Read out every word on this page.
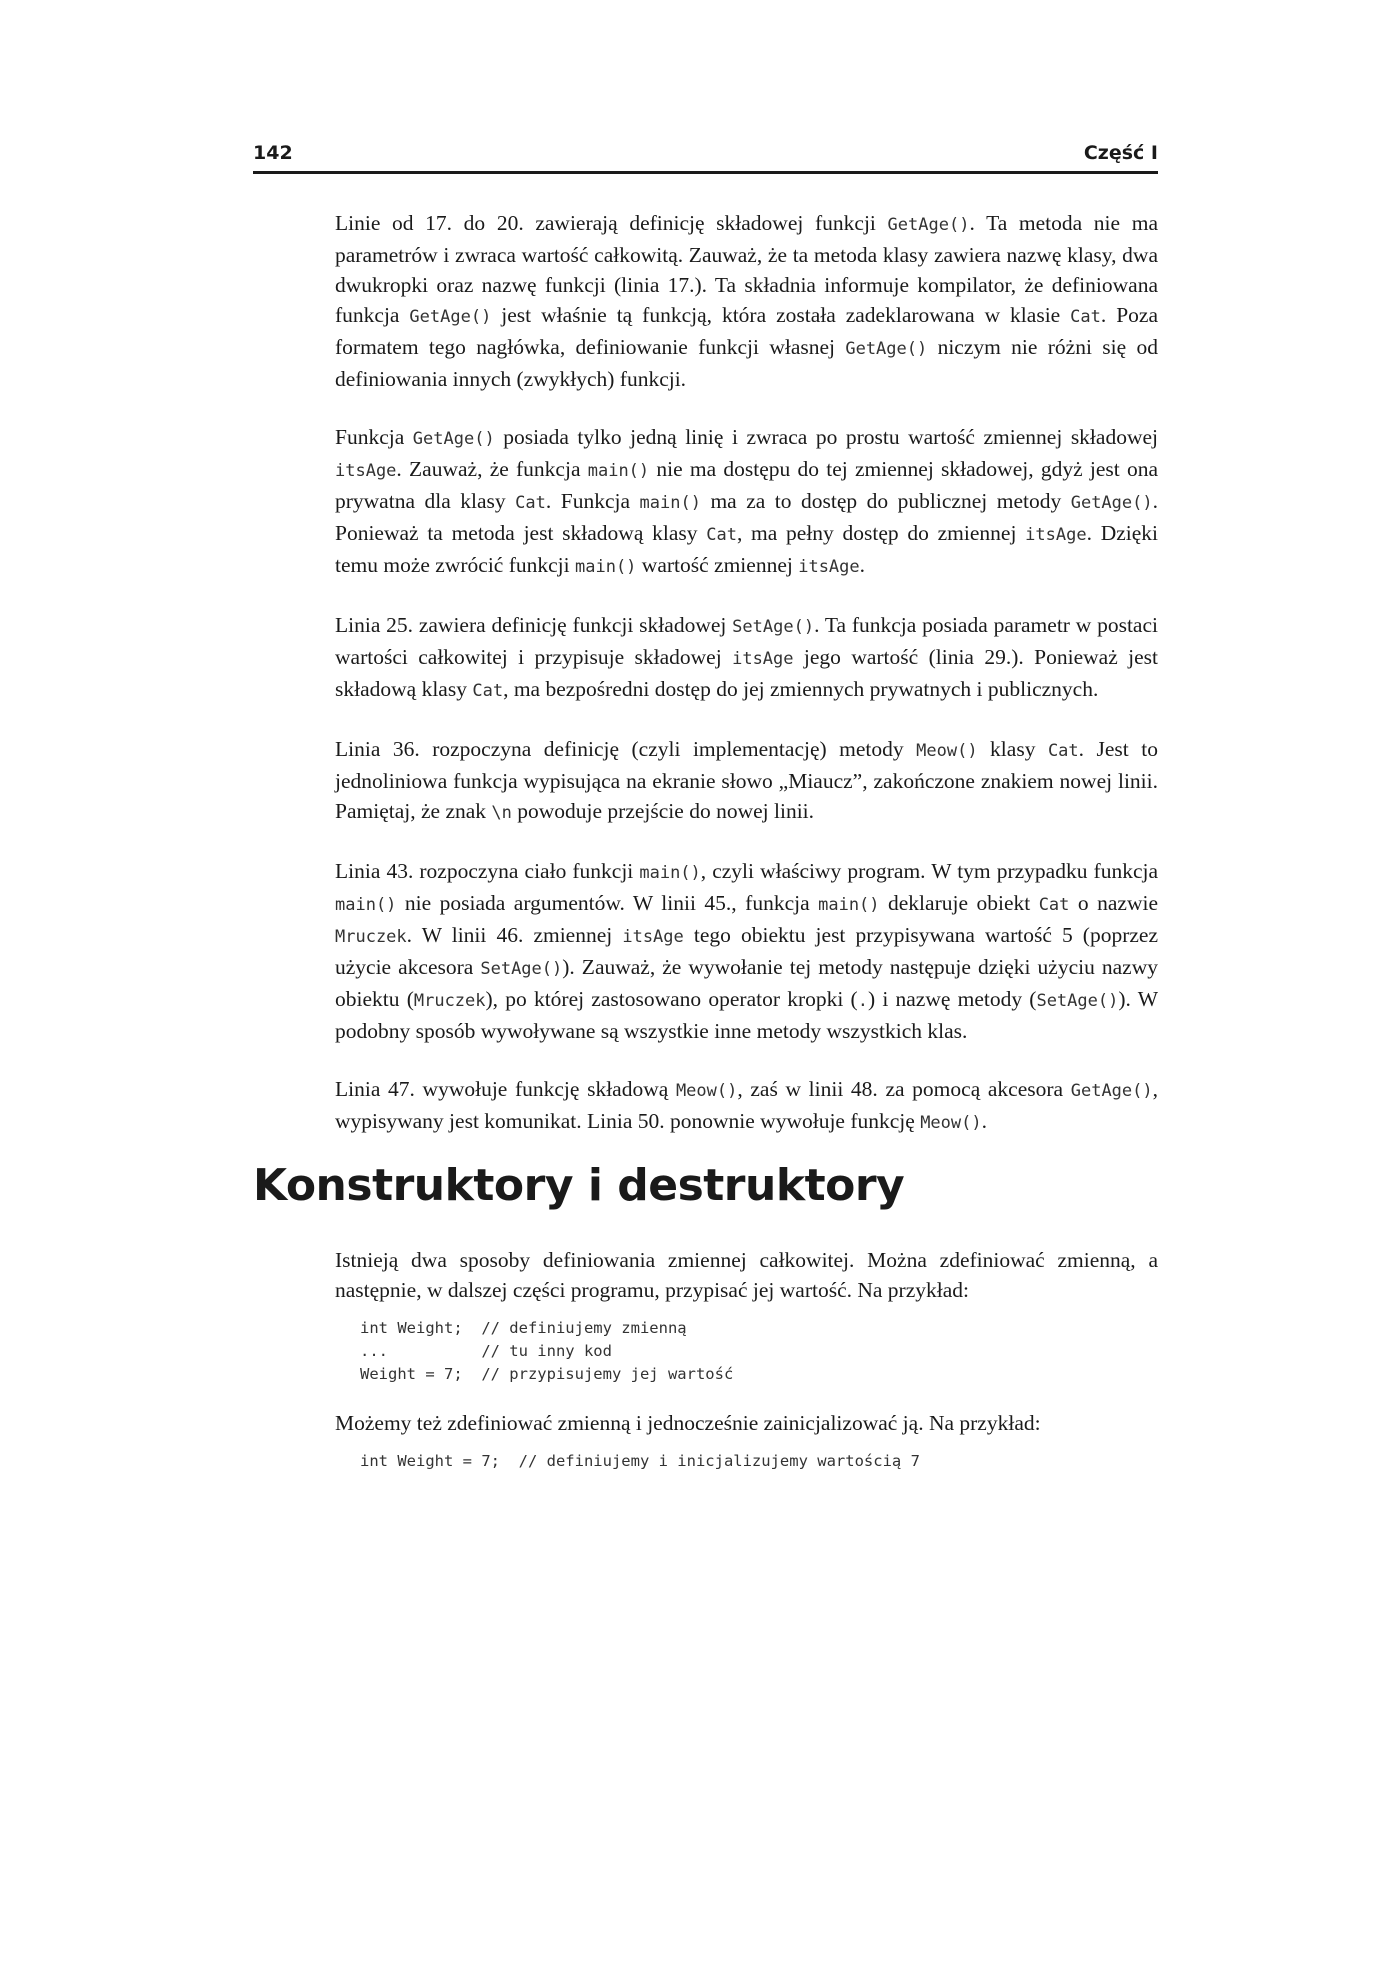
142	Część I

Linie od 17. do 20. zawierają definicję składowej funkcji GetAge(). Ta metoda nie ma parametrów i zwraca wartość całkowitą. Zauważ, że ta metoda klasy zawiera nazwę klasy, dwa dwukropki oraz nazwę funkcji (linia 17.). Ta składnia informuje kompilator, że definiowana funkcja GetAge() jest właśnie tą funkcją, która została zadeklarowana w klasie Cat. Poza formatem tego nagłówka, definiowanie funkcji własnej GetAge() niczym nie różni się od definiowania innych (zwykłych) funkcji.

Funkcja GetAge() posiada tylko jedną linię i zwraca po prostu wartość zmiennej składowej itsAge. Zauważ, że funkcja main() nie ma dostępu do tej zmiennej składowej, gdyż jest ona prywatna dla klasy Cat. Funkcja main() ma za to dostęp do publicznej metody GetAge(). Ponieważ ta metoda jest składową klasy Cat, ma pełny dostęp do zmiennej itsAge. Dzięki temu może zwrócić funkcji main() wartość zmiennej itsAge.

Linia 25. zawiera definicję funkcji składowej SetAge(). Ta funkcja posiada parametr w postaci wartości całkowitej i przypisuje składowej itsAge jego wartość (linia 29.). Ponieważ jest składową klasy Cat, ma bezpośredni dostęp do jej zmiennych prywatnych i publicznych.

Linia 36. rozpoczyna definicję (czyli implementację) metody Meow() klasy Cat. Jest to jednoliniowa funkcja wypisująca na ekranie słowo „Miaucz”, zakończone znakiem nowej linii. Pamiętaj, że znak \n powoduje przejście do nowej linii.

Linia 43. rozpoczyna ciało funkcji main(), czyli właściwy program. W tym przypadku funkcja main() nie posiada argumentów. W linii 45., funkcja main() deklaruje obiekt Cat o nazwie Mruczek. W linii 46. zmiennej itsAge tego obiektu jest przypisywana wartość 5 (poprzez użycie akcesora SetAge()). Zauważ, że wywołanie tej metody następuje dzięki użyciu nazwy obiektu (Mruczek), po której zastosowano operator kropki (.) i nazwę metody (SetAge()). W podobny sposób wywoływane są wszystkie inne metody wszystkich klas.

Linia 47. wywołuje funkcję składową Meow(), zaś w linii 48. za pomocą akcesora GetAge(), wypisywany jest komunikat. Linia 50. ponownie wywołuje funkcję Meow().

Konstruktory i destruktory

Istnieją dwa sposoby definiowania zmiennej całkowitej. Można zdefiniować zmienną, a następnie, w dalszej części programu, przypisać jej wartość. Na przykład:

int Weight;  // definiujemy zmienną
...          // tu inny kod
Weight = 7;  // przypisujemy jej wartość

Możemy też zdefiniować zmienną i jednocześnie zainicjalizować ją. Na przykład:

int Weight = 7;  // definiujemy i inicjalizujemy wartością 7
